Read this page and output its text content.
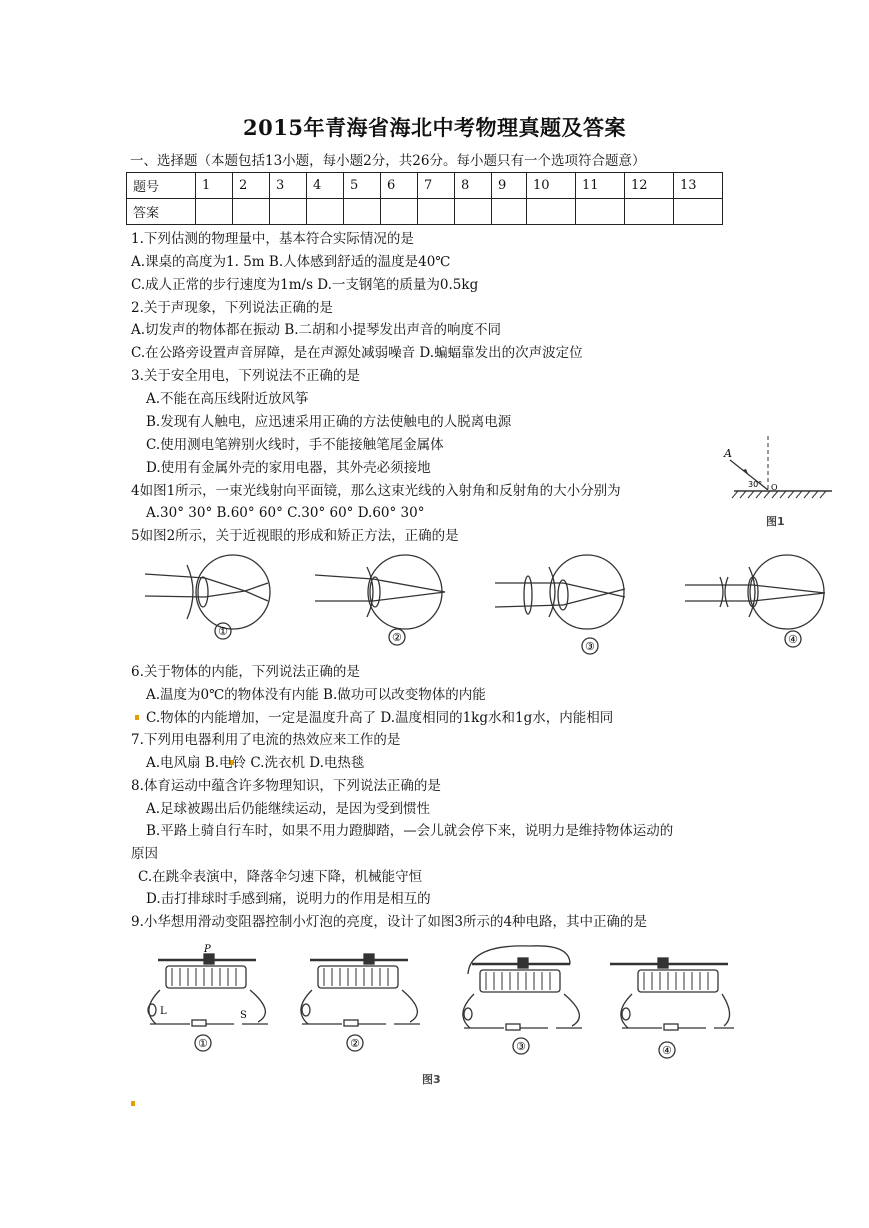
2015年青海省海北中考物理真题及答案
一、选择题（本题包括13小题，每小题2分，共26分。每小题只有一个选项符合题意）
题号	1	2	3	4	5	6	7	8	9	10	11	12	13
答案													
1.下列估测的物理量中，基本符合实际情况的是
A.课桌的高度为1. 5m B.人体感到舒适的温度是40℃
C.成人正常的步行速度为1m/s D.一支钢笔的质量为0.5kg
2.关于声现象，下列说法正确的是
A.切发声的物体都在振动 B.二胡和小提琴发出声音的响度不同
C.在公路旁设置声音屏障，是在声源处减弱噪音 D.蝙蝠靠发出的次声波定位
3.关于安全用电，下列说法不正确的是
A.不能在高压线附近放风筝
B.发现有人触电，应迅速采用正确的方法使触电的人脱离电源
C.使用测电笔辨别火线时，手不能接触笔尾金属体
D.使用有金属外壳的家用电器，其外壳必须接地
4如图1所示，一束光线射向平面镜，那么这束光线的入射角和反射角的大小分别为
A.30° 30° B.60° 60° C.30° 60° D.60° 30°
5如图2所示，关于近视眼的形成和矫正方法，正确的是
A
30° O
图1
①	②
③
④
6.关于物体的内能，下列说法正确的是
A.温度为0℃的物体没有内能 B.做功可以改变物体的内能
C.物体的内能增加，一定是温度升高了 D.温度相同的1kg水和1g水，内能相同
7.下列用电器利用了电流的热效应来工作的是
A.电风扇 B.电铃 C.洗衣机 D.电热毯
8.体育运动中蕴含许多物理知识，下列说法正确的是
A.足球被踢出后仍能继续运动，是因为受到惯性
B.平路上骑自行车时，如果不用力蹬脚踏，—会儿就会停下来，说明力是维持物体运动的
原因
C.在跳伞表演中，降落伞匀速下降，机械能守恒
D.击打排球时手感到痛，说明力的作用是相互的
9.小华想用滑动变阻器控制小灯泡的亮度，设计了如图3所示的4种电路，其中正确的是
P
L	S
①	②	③	④
图3
